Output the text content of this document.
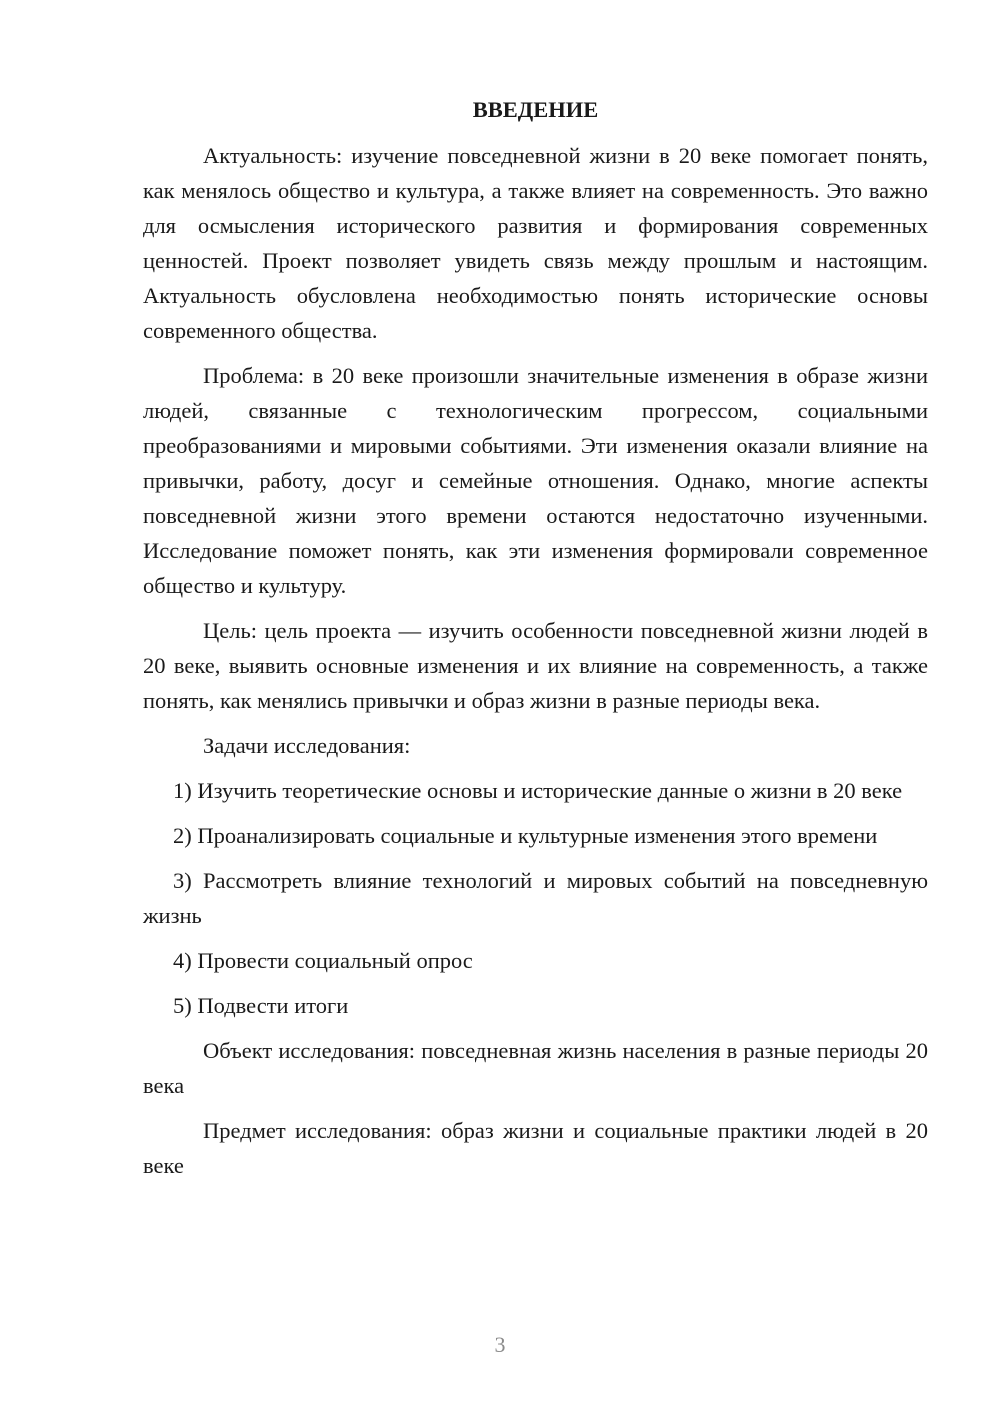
ВВЕДЕНИЕ

Актуальность: изучение повседневной жизни в 20 веке помогает понять, как менялось общество и культура, а также влияет на современность. Это важно для осмысления исторического развития и формирования современных ценностей. Проект позволяет увидеть связь между прошлым и настоящим. Актуальность обусловлена необходимостью понять исторические основы современного общества.

Проблема: в 20 веке произошли значительные изменения в образе жизни людей, связанные с технологическим прогрессом, социальными преобразованиями и мировыми событиями. Эти изменения оказали влияние на привычки, работу, досуг и семейные отношения. Однако, многие аспекты повседневной жизни этого времени остаются недостаточно изученными. Исследование поможет понять, как эти изменения формировали современное общество и культуру.

Цель: цель проекта — изучить особенности повседневной жизни людей в 20 веке, выявить основные изменения и их влияние на современность, а также понять, как менялись привычки и образ жизни в разные периоды века.

Задачи исследования:

1) Изучить теоретические основы и исторические данные о жизни в 20 веке

2) Проанализировать социальные и культурные изменения этого времени

3) Рассмотреть влияние технологий и мировых событий на повседневную жизнь

4) Провести социальный опрос

5) Подвести итоги

Объект исследования: повседневная жизнь населения в разные периоды 20 века

Предмет исследования: образ жизни и социальные практики людей в 20 веке

3
